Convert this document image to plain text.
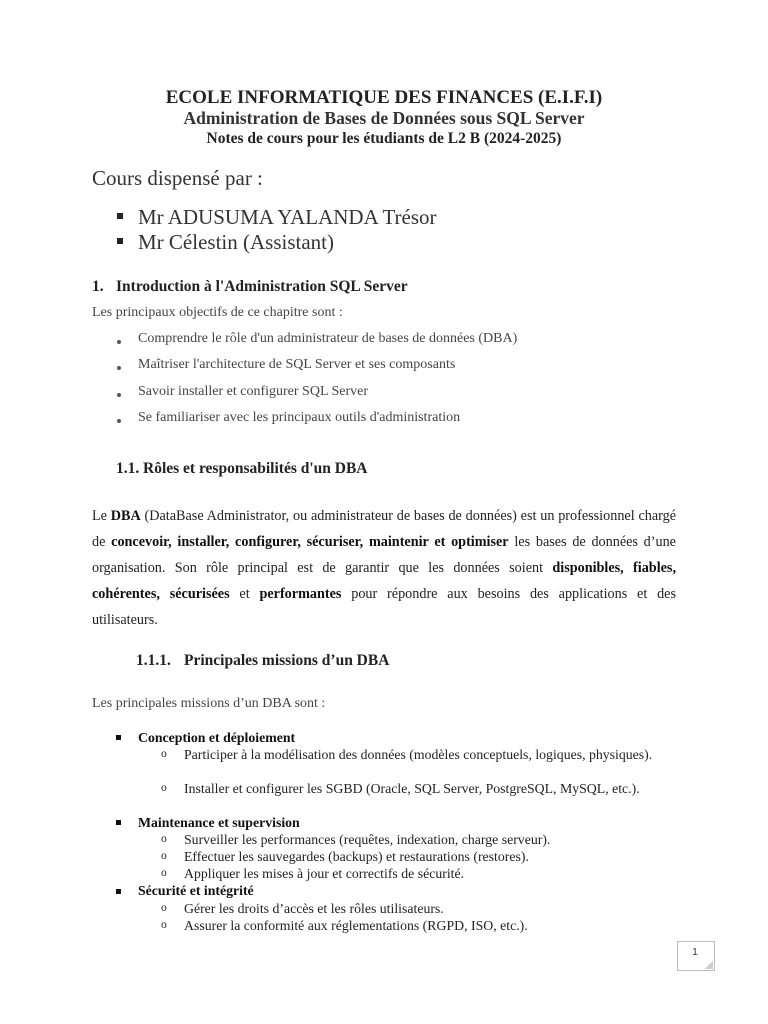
ECOLE INFORMATIQUE DES FINANCES (E.I.F.I)
Administration de Bases de Données sous SQL Server
Notes de cours pour les étudiants de L2 B (2024-2025)
Cours dispensé par :
Mr ADUSUMA YALANDA Trésor
Mr Célestin (Assistant)
1. Introduction à l'Administration SQL Server
Les principaux objectifs de ce chapitre sont :
Comprendre le rôle d'un administrateur de bases de données (DBA)
Maîtriser l'architecture de SQL Server et ses composants
Savoir installer et configurer SQL Server
Se familiariser avec les principaux outils d'administration
1.1. Rôles et responsabilités d'un DBA

Le DBA (DataBase Administrator, ou administrateur de bases de données) est un professionnel chargé de concevoir, installer, configurer, sécuriser, maintenir et optimiser les bases de données d’une organisation. Son rôle principal est de garantir que les données soient disponibles, fiables, cohérentes, sécurisées et performantes pour répondre aux besoins des applications et des utilisateurs.

1.1.1. Principales missions d’un DBA
Les principales missions d’un DBA sont :
Conception et déploiement
o Participer à la modélisation des données (modèles conceptuels, logiques, physiques).
o Installer et configurer les SGBD (Oracle, SQL Server, PostgreSQL, MySQL, etc.).
Maintenance et supervision
o Surveiller les performances (requêtes, indexation, charge serveur).
o Effectuer les sauvegardes (backups) et restaurations (restores).
o Appliquer les mises à jour et correctifs de sécurité.
Sécurité et intégrité
o Gérer les droits d’accès et les rôles utilisateurs.
o Assurer la conformité aux réglementations (RGPD, ISO, etc.).
1
